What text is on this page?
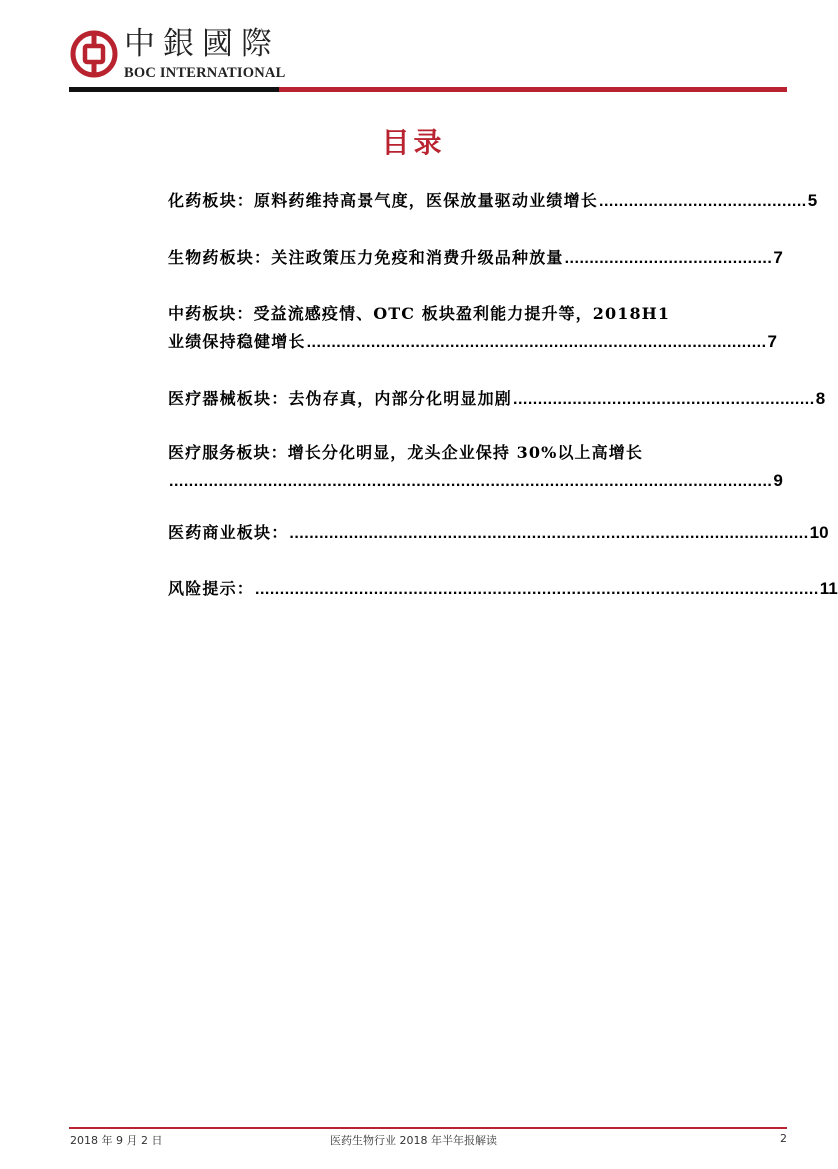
中銀國際
BOC INTERNATIONAL
目录
化药板块：原料药维持高景气度，医保放量驱动业绩增长 .......................................... 5
生物药板块：关注政策压力免疫和消费升级品种放量 .......................................... 7
中药板块：受益流感疫情、OTC 板块盈利能力提升等，2018H1
业绩保持稳健增长 ............................................................................................. 7
医疗器械板块：去伪存真，内部分化明显加剧 ............................................................. 8
医疗服务板块：增长分化明显，龙头企业保持 30%以上高增长
.......................................................................................................................... 9
医药商业板块： ......................................................................................................... 10
风险提示： .................................................................................................................. 11
2018 年 9 月 2 日	医药生物行业 2018 年半年报解读	2
